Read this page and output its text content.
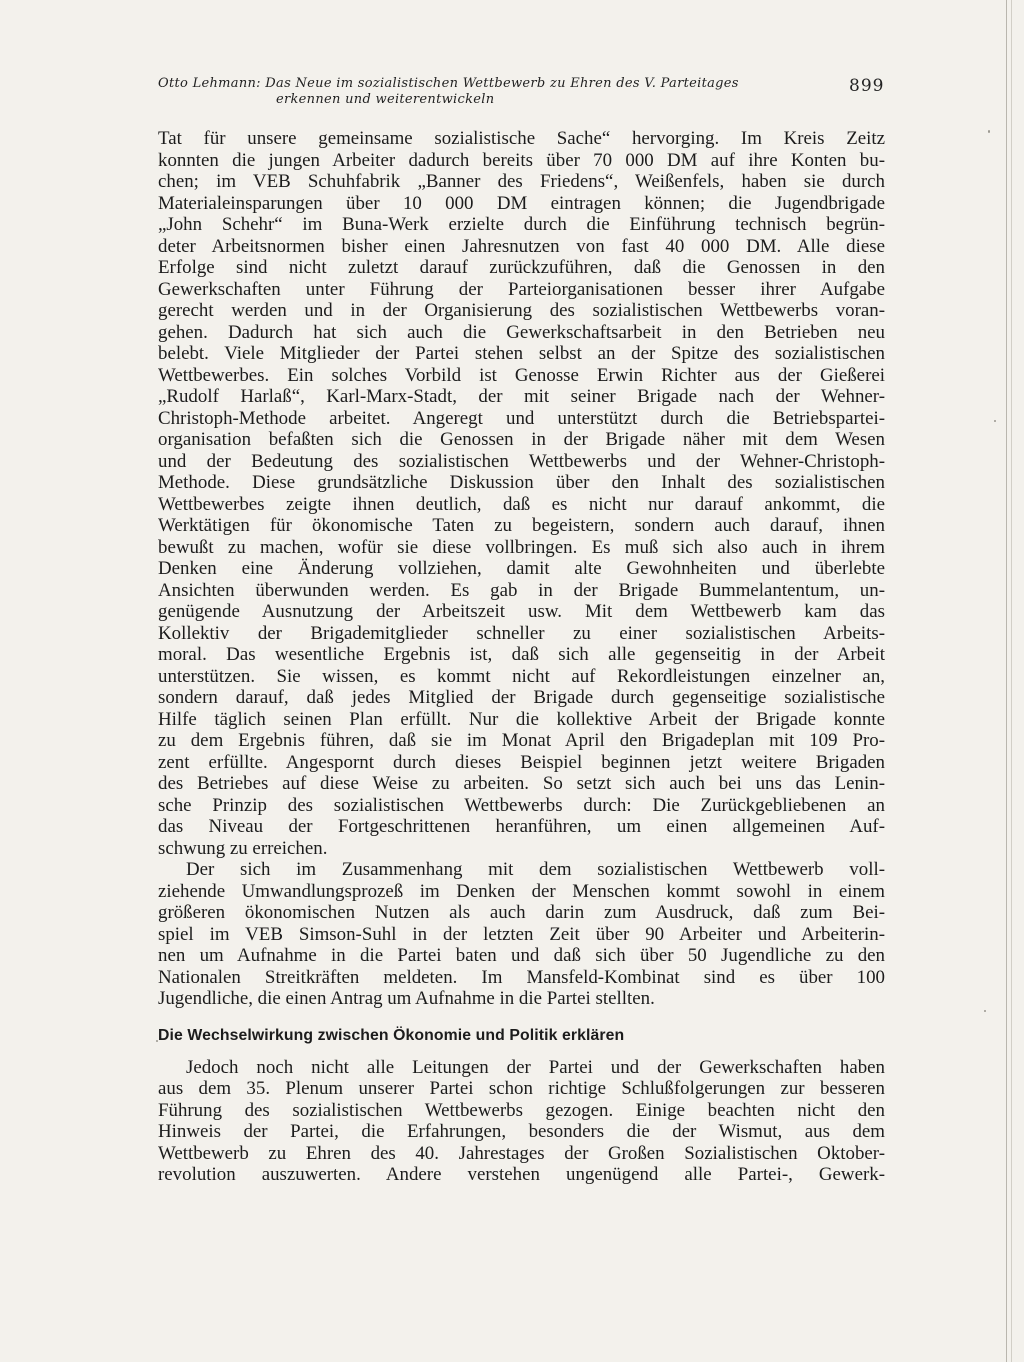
Otto Lehmann: Das Neue im sozialistischen Wettbewerb zu Ehren des V. Parteitages
erkennen und weiterentwickeln
899
Tat für unsere gemeinsame sozialistische Sache“ hervorging. Im Kreis Zeitz
konnten die jungen Arbeiter dadurch bereits über 70 000 DM auf ihre Konten bu-
chen; im VEB Schuhfabrik „Banner des Friedens“, Weißenfels, haben sie durch
Materialeinsparungen über 10 000 DM eintragen können; die Jugendbrigade
„John Schehr“ im Buna-Werk erzielte durch die Einführung technisch begrün-
deter Arbeitsnormen bisher einen Jahresnutzen von fast 40 000 DM. Alle diese
Erfolge sind nicht zuletzt darauf zurückzuführen, daß die Genossen in den
Gewerkschaften unter Führung der Parteiorganisationen besser ihrer Aufgabe
gerecht werden und in der Organisierung des sozialistischen Wettbewerbs voran-
gehen. Dadurch hat sich auch die Gewerkschaftsarbeit in den Betrieben neu
belebt. Viele Mitglieder der Partei stehen selbst an der Spitze des sozialistischen
Wettbewerbes. Ein solches Vorbild ist Genosse Erwin Richter aus der Gießerei
„Rudolf Harlaß“, Karl-Marx-Stadt, der mit seiner Brigade nach der Wehner-
Christoph-Methode arbeitet. Angeregt und unterstützt durch die Betriebspartei-
organisation befaßten sich die Genossen in der Brigade näher mit dem Wesen
und der Bedeutung des sozialistischen Wettbewerbs und der Wehner-Christoph-
Methode. Diese grundsätzliche Diskussion über den Inhalt des sozialistischen
Wettbewerbes zeigte ihnen deutlich, daß es nicht nur darauf ankommt, die
Werktätigen für ökonomische Taten zu begeistern, sondern auch darauf, ihnen
bewußt zu machen, wofür sie diese vollbringen. Es muß sich also auch in ihrem
Denken eine Änderung vollziehen, damit alte Gewohnheiten und überlebte
Ansichten überwunden werden. Es gab in der Brigade Bummelantentum, un-
genügende Ausnutzung der Arbeitszeit usw. Mit dem Wettbewerb kam das
Kollektiv der Brigademitglieder schneller zu einer sozialistischen Arbeits-
moral. Das wesentliche Ergebnis ist, daß sich alle gegenseitig in der Arbeit
unterstützen. Sie wissen, es kommt nicht auf Rekordleistungen einzelner an,
sondern darauf, daß jedes Mitglied der Brigade durch gegenseitige sozialistische
Hilfe täglich seinen Plan erfüllt. Nur die kollektive Arbeit der Brigade konnte
zu dem Ergebnis führen, daß sie im Monat April den Brigadeplan mit 109 Pro-
zent erfüllte. Angespornt durch dieses Beispiel beginnen jetzt weitere Brigaden
des Betriebes auf diese Weise zu arbeiten. So setzt sich auch bei uns das Lenin-
sche Prinzip des sozialistischen Wettbewerbs durch: Die Zurückgebliebenen an
das Niveau der Fortgeschrittenen heranführen, um einen allgemeinen Auf-
schwung zu erreichen.
Der sich im Zusammenhang mit dem sozialistischen Wettbewerb voll-
ziehende Umwandlungsprozeß im Denken der Menschen kommt sowohl in einem
größeren ökonomischen Nutzen als auch darin zum Ausdruck, daß zum Bei-
spiel im VEB Simson-Suhl in der letzten Zeit über 90 Arbeiter und Arbeiterin-
nen um Aufnahme in die Partei baten und daß sich über 50 Jugendliche zu den
Nationalen Streitkräften meldeten. Im Mansfeld-Kombinat sind es über 100
Jugendliche, die einen Antrag um Aufnahme in die Partei stellten.
Die Wechselwirkung zwischen Ökonomie und Politik erklären
Jedoch noch nicht alle Leitungen der Partei und der Gewerkschaften haben
aus dem 35. Plenum unserer Partei schon richtige Schlußfolgerungen zur besseren
Führung des sozialistischen Wettbewerbs gezogen. Einige beachten nicht den
Hinweis der Partei, die Erfahrungen, besonders die der Wismut, aus dem
Wettbewerb zu Ehren des 40. Jahrestages der Großen Sozialistischen Oktober-
revolution auszuwerten. Andere verstehen ungenügend alle Partei-, Gewerk-
